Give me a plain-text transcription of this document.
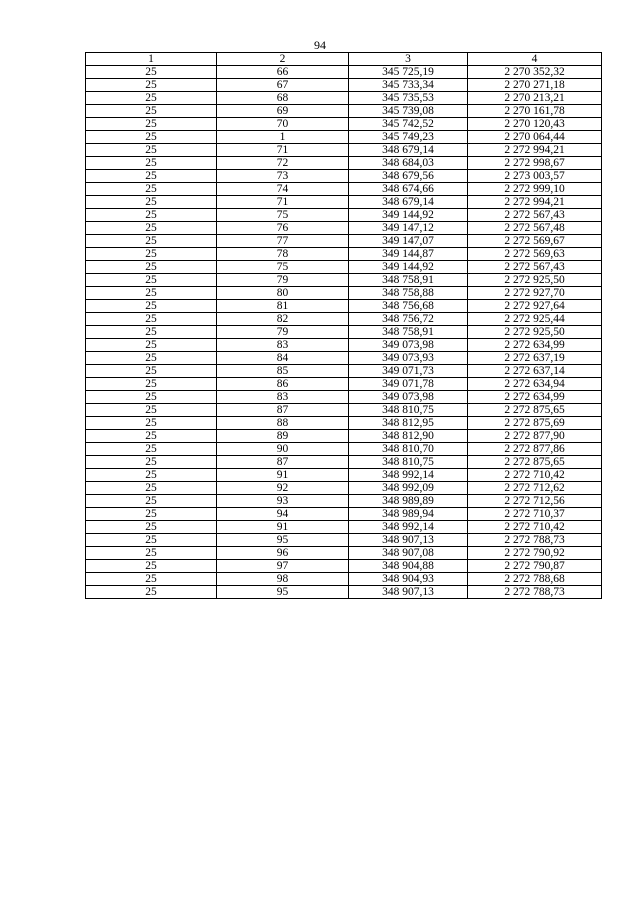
94
1	2	3	4
25	66	345 725,19	2 270 352,32
25	67	345 733,34	2 270 271,18
25	68	345 735,53	2 270 213,21
25	69	345 739,08	2 270 161,78
25	70	345 742,52	2 270 120,43
25	1	345 749,23	2 270 064,44
25	71	348 679,14	2 272 994,21
25	72	348 684,03	2 272 998,67
25	73	348 679,56	2 273 003,57
25	74	348 674,66	2 272 999,10
25	71	348 679,14	2 272 994,21
25	75	349 144,92	2 272 567,43
25	76	349 147,12	2 272 567,48
25	77	349 147,07	2 272 569,67
25	78	349 144,87	2 272 569,63
25	75	349 144,92	2 272 567,43
25	79	348 758,91	2 272 925,50
25	80	348 758,88	2 272 927,70
25	81	348 756,68	2 272 927,64
25	82	348 756,72	2 272 925,44
25	79	348 758,91	2 272 925,50
25	83	349 073,98	2 272 634,99
25	84	349 073,93	2 272 637,19
25	85	349 071,73	2 272 637,14
25	86	349 071,78	2 272 634,94
25	83	349 073,98	2 272 634,99
25	87	348 810,75	2 272 875,65
25	88	348 812,95	2 272 875,69
25	89	348 812,90	2 272 877,90
25	90	348 810,70	2 272 877,86
25	87	348 810,75	2 272 875,65
25	91	348 992,14	2 272 710,42
25	92	348 992,09	2 272 712,62
25	93	348 989,89	2 272 712,56
25	94	348 989,94	2 272 710,37
25	91	348 992,14	2 272 710,42
25	95	348 907,13	2 272 788,73
25	96	348 907,08	2 272 790,92
25	97	348 904,88	2 272 790,87
25	98	348 904,93	2 272 788,68
25	95	348 907,13	2 272 788,73
